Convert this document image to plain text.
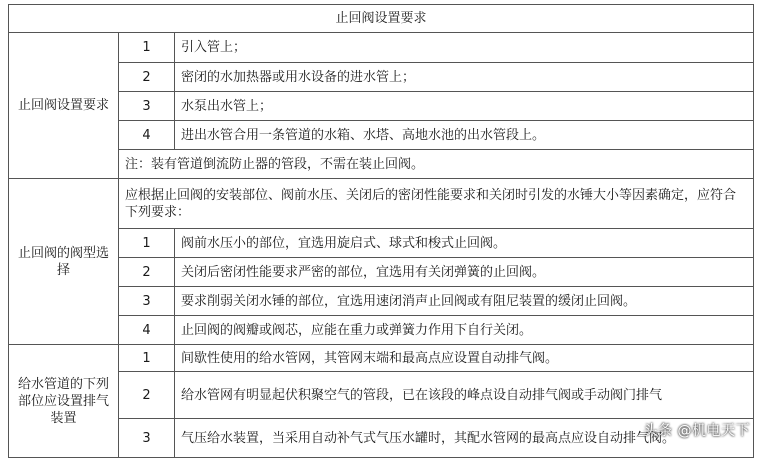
止回阀设置要求		
止回阀设置要求	1	引入管上；
	2	密闭的水加热器或用水设备的进水管上；
	3	水泵出水管上；
	4	进出水管合用一条管道的水箱、水塔、高地水池的出水管段上。
	注：装有管道倒流防止器的管段，不需在装止回阀。	
止回阀的阀型选择	应根据止回阀的安装部位、阀前水压、关闭后的密闭性能要求和关闭时引发的水锤大小等因素确定，应符合下列要求：	
	1	阀前水压小的部位，宜选用旋启式、球式和梭式止回阀。
	2	关闭后密闭性能要求严密的部位，宜选用有关闭弹簧的止回阀。
	3	要求削弱关闭水锤的部位，宜选用速闭消声止回阀或有阻尼装置的缓闭止回阀。
	4	止回阀的阀瓣或阀芯，应能在重力或弹簧力作用下自行关闭。
给水管道的下列部位应设置排气装置	1	间歇性使用的给水管网，其管网末端和最高点应设置自动排气阀。
	2	给水管网有明显起伏积聚空气的管段，已在该段的峰点设自动排气阀或手动阀门排气
	3	气压给水装置，当采用自动补气式气压水罐时，其配水管网的最高点应设自动排气阀。
头条 @机电天下
